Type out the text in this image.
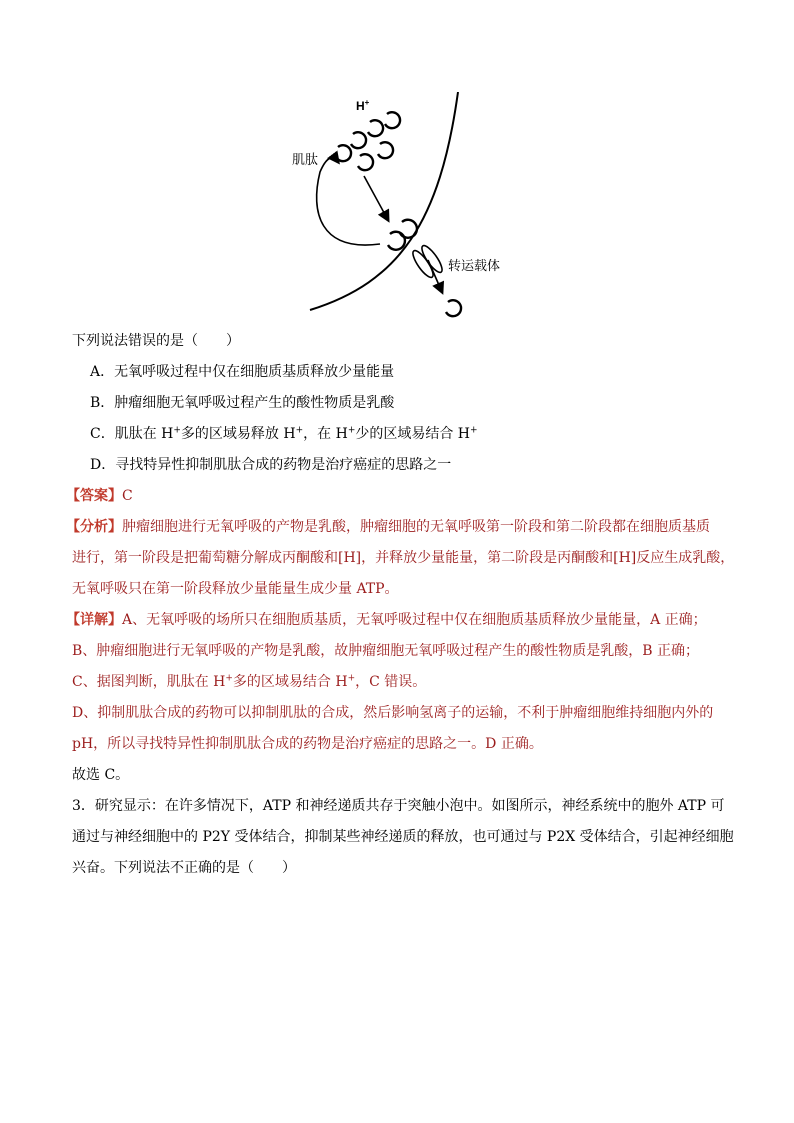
H+
肌肽
转运载体
下列说法错误的是（　　）
A．无氧呼吸过程中仅在细胞质基质释放少量能量
B．肿瘤细胞无氧呼吸过程产生的酸性物质是乳酸
C．肌肽在 H+多的区域易释放 H+，在 H+少的区域易结合 H+
D．寻找特异性抑制肌肽合成的药物是治疗癌症的思路之一
【答案】C
【分析】肿瘤细胞进行无氧呼吸的产物是乳酸，肿瘤细胞的无氧呼吸第一阶段和第二阶段都在细胞质基质
进行，第一阶段是把葡萄糖分解成丙酮酸和[H]，并释放少量能量，第二阶段是丙酮酸和[H]反应生成乳酸，
无氧呼吸只在第一阶段释放少量能量生成少量 ATP。
【详解】A、无氧呼吸的场所只在细胞质基质，无氧呼吸过程中仅在细胞质基质释放少量能量，A 正确；
B、肿瘤细胞进行无氧呼吸的产物是乳酸，故肿瘤细胞无氧呼吸过程产生的酸性物质是乳酸，B 正确；
C、据图判断，肌肽在 H+多的区域易结合 H+，C 错误。
D、抑制肌肽合成的药物可以抑制肌肽的合成，然后影响氢离子的运输，不利于肿瘤细胞维持细胞内外的
pH，所以寻找特异性抑制肌肽合成的药物是治疗癌症的思路之一。D 正确。
故选 C。
3．研究显示：在许多情况下，ATP 和神经递质共存于突触小泡中。如图所示，神经系统中的胞外 ATP 可
通过与神经细胞中的 P2Y 受体结合，抑制某些神经递质的释放，也可通过与 P2X 受体结合，引起神经细胞
兴奋。下列说法不正确的是（　　）
